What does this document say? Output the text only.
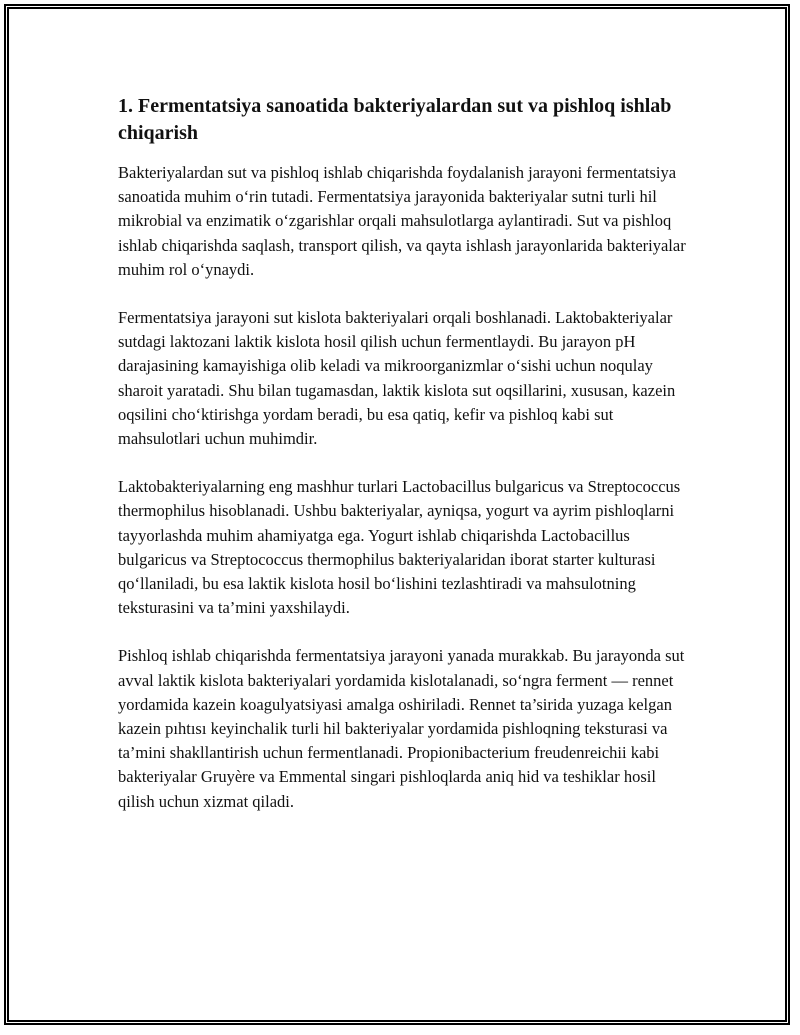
1. Fermentatsiya sanoatida bakteriyalardan sut va pishloq ishlab chiqarish

Bakteriyalardan sut va pishloq ishlab chiqarishda foydalanish jarayoni fermentatsiya sanoatida muhim o‘rin tutadi. Fermentatsiya jarayonida bakteriyalar sutni turli hil mikrobial va enzimatik o‘zgarishlar orqali mahsulotlarga aylantiradi. Sut va pishloq ishlab chiqarishda saqlash, transport qilish, va qayta ishlash jarayonlarida bakteriyalar muhim rol o‘ynaydi.

Fermentatsiya jarayoni sut kislota bakteriyalari orqali boshlanadi. Laktobakteriyalar sutdagi laktozani laktik kislota hosil qilish uchun fermentlaydi. Bu jarayon pH darajasining kamayishiga olib keladi va mikroorganizmlar o‘sishi uchun noqulay sharoit yaratadi. Shu bilan tugamasdan, laktik kislota sut oqsillarini, xususan, kazein oqsilini cho‘ktirishga yordam beradi, bu esa qatiq, kefir va pishloq kabi sut mahsulotlari uchun muhimdir.

Laktobakteriyalarning eng mashhur turlari Lactobacillus bulgaricus va Streptococcus thermophilus hisoblanadi. Ushbu bakteriyalar, ayniqsa, yogurt va ayrim pishloqlarni tayyorlashda muhim ahamiyatga ega. Yogurt ishlab chiqarishda Lactobacillus bulgaricus va Streptococcus thermophilus bakteriyalaridan iborat starter kulturasi qo‘llaniladi, bu esa laktik kislota hosil bo‘lishini tezlashtiradi va mahsulotning teksturasini va ta’mini yaxshilaydi.

Pishloq ishlab chiqarishda fermentatsiya jarayoni yanada murakkab. Bu jarayonda sut avval laktik kislota bakteriyalari yordamida kislotalanadi, so‘ngra ferment — rennet yordamida kazein koagulyatsiyasi amalga oshiriladi. Rennet ta’sirida yuzaga kelgan kazein pıhtısı keyinchalik turli hil bakteriyalar yordamida pishloqning teksturasi va ta’mini shakllantirish uchun fermentlanadi. Propionibacterium freudenreichii kabi bakteriyalar Gruyère va Emmental singari pishloqlarda aniq hid va teshiklar hosil qilish uchun xizmat qiladi.
